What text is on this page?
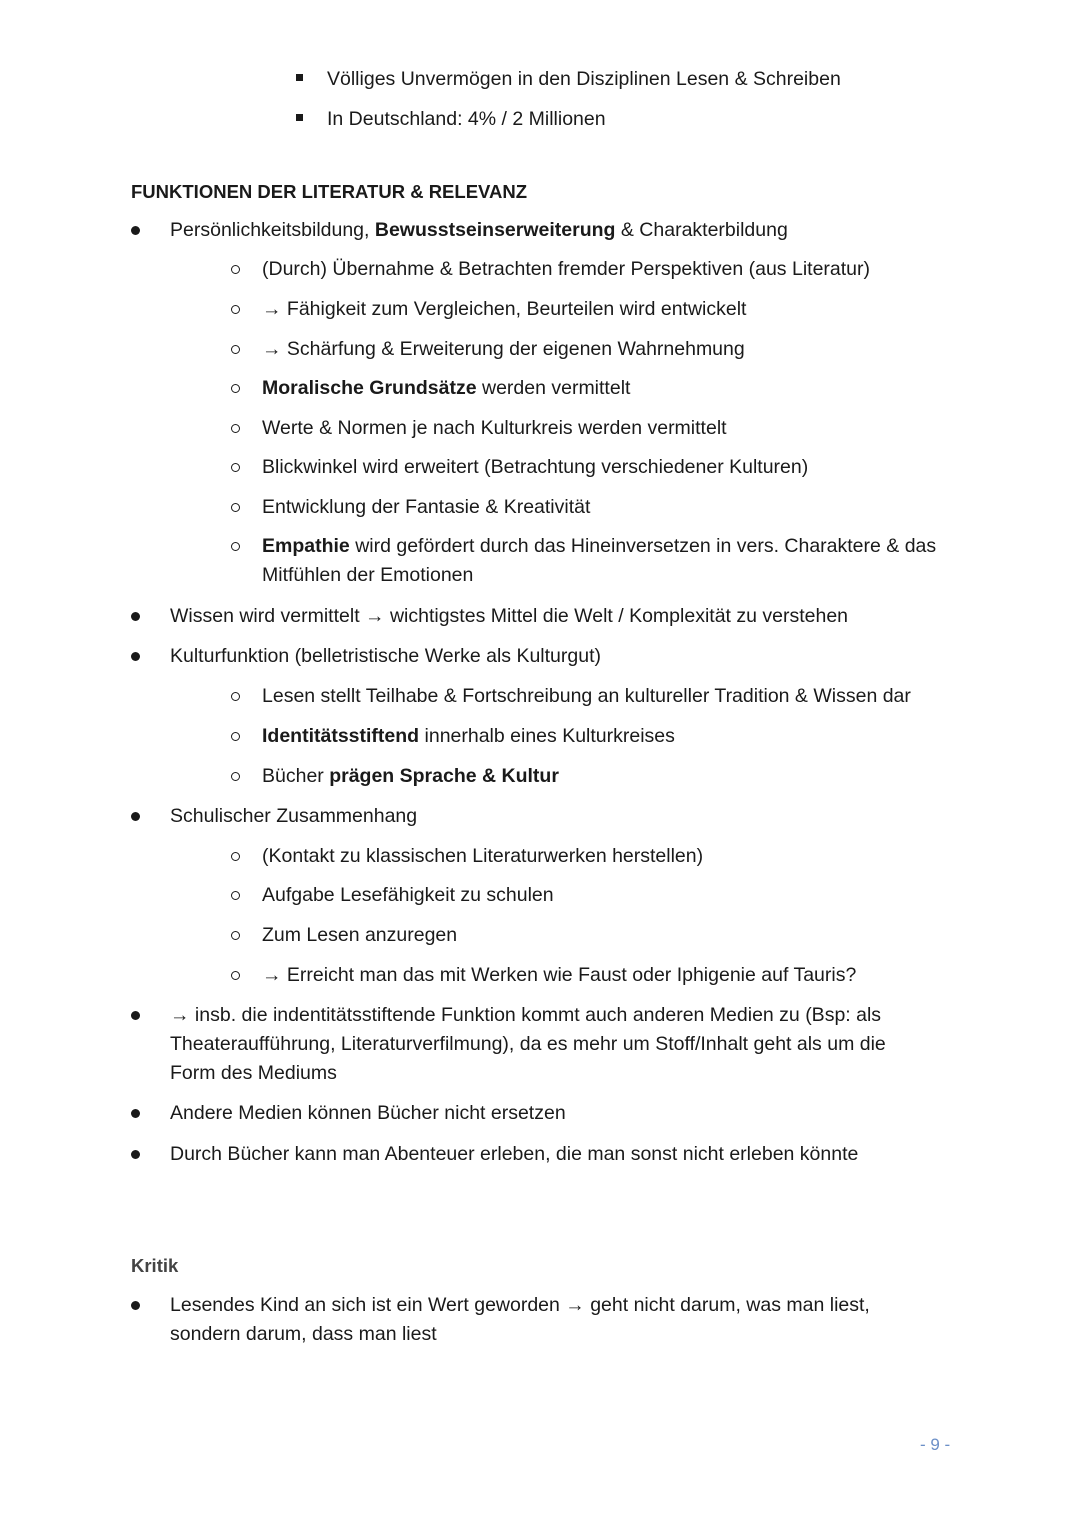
Völliges Unvermögen in den Disziplinen Lesen & Schreiben
In Deutschland: 4% / 2 Millionen
FUNKTIONEN DER LITERATUR & RELEVANZ
Persönlichkeitsbildung, Bewusstseinserweiterung & Charakterbildung
(Durch) Übernahme & Betrachten fremder Perspektiven (aus Literatur)
→ Fähigkeit zum Vergleichen, Beurteilen wird entwickelt
→ Schärfung & Erweiterung der eigenen Wahrnehmung
Moralische Grundsätze werden vermittelt
Werte & Normen je nach Kulturkreis werden vermittelt
Blickwinkel wird erweitert (Betrachtung verschiedener Kulturen)
Entwicklung der Fantasie & Kreativität
Empathie wird gefördert durch das Hineinversetzen in vers. Charaktere & das Mitfühlen der Emotionen
Wissen wird vermittelt → wichtigstes Mittel die Welt / Komplexität zu verstehen
Kulturfunktion (belletristische Werke als Kulturgut)
Lesen stellt Teilhabe & Fortschreibung an kultureller Tradition & Wissen dar
Identitätsstiftend innerhalb eines Kulturkreises
Bücher prägen Sprache & Kultur
Schulischer Zusammenhang
(Kontakt zu klassischen Literaturwerken herstellen)
Aufgabe Lesefähigkeit zu schulen
Zum Lesen anzuregen
→ Erreicht man das mit Werken wie Faust oder Iphigenie auf Tauris?
→ insb. die indentitätsstiftende Funktion kommt auch anderen Medien zu (Bsp: als Theateraufführung, Literaturverfilmung), da es mehr um Stoff/Inhalt geht als um die Form des Mediums
Andere Medien können Bücher nicht ersetzen
Durch Bücher kann man Abenteuer erleben, die man sonst nicht erleben könnte
Kritik
Lesendes Kind an sich ist ein Wert geworden → geht nicht darum, was man liest, sondern darum, dass man liest
- 9 -
